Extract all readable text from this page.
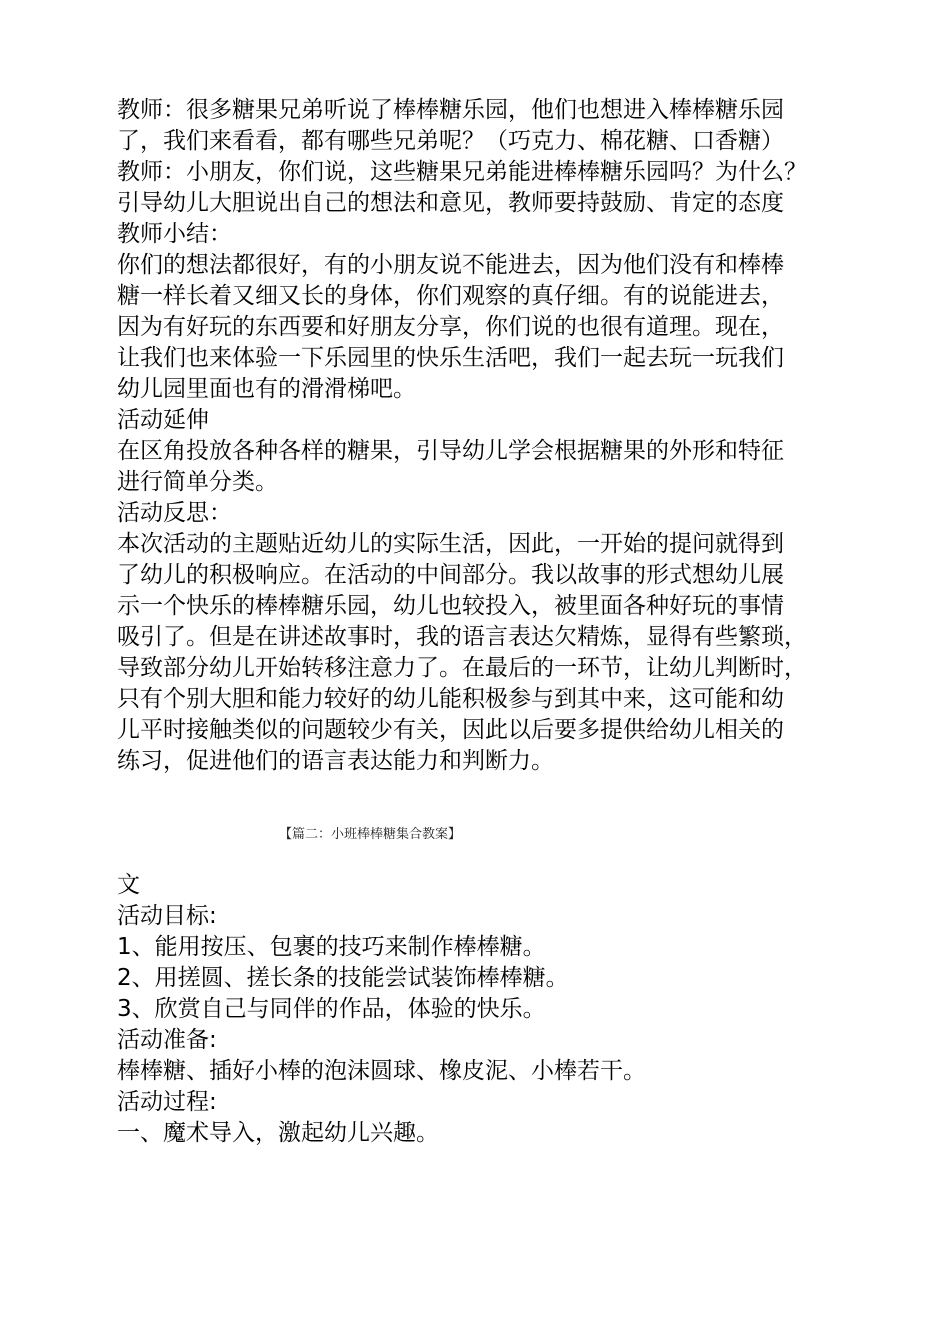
教师：很多糖果兄弟听说了棒棒糖乐园，他们也想进入棒棒糖乐园
了，我们来看看，都有哪些兄弟呢？（巧克力、棉花糖、口香糖）
教师：小朋友，你们说，这些糖果兄弟能进棒棒糖乐园吗？为什么？
引导幼儿大胆说出自己的想法和意见，教师要持鼓励、肯定的态度
教师小结：
你们的想法都很好，有的小朋友说不能进去，因为他们没有和棒棒
糖一样长着又细又长的身体，你们观察的真仔细。有的说能进去，
因为有好玩的东西要和好朋友分享，你们说的也很有道理。现在，
让我们也来体验一下乐园里的快乐生活吧，我们一起去玩一玩我们
幼儿园里面也有的滑滑梯吧。
活动延伸
在区角投放各种各样的糖果，引导幼儿学会根据糖果的外形和特征
进行简单分类。
活动反思：
本次活动的主题贴近幼儿的实际生活，因此，一开始的提问就得到
了幼儿的积极响应。在活动的中间部分。我以故事的形式想幼儿展
示一个快乐的棒棒糖乐园，幼儿也较投入，被里面各种好玩的事情
吸引了。但是在讲述故事时，我的语言表达欠精炼，显得有些繁琐，
导致部分幼儿开始转移注意力了。在最后的一环节，让幼儿判断时，
只有个别大胆和能力较好的幼儿能积极参与到其中来，这可能和幼
儿平时接触类似的问题较少有关，因此以后要多提供给幼儿相关的
练习，促进他们的语言表达能力和判断力。
【篇二：小班棒棒糖集合教案】
文
活动目标:
1、能用按压、包裹的技巧来制作棒棒糖。
2、用搓圆、搓长条的技能尝试装饰棒棒糖。
3、欣赏自己与同伴的作品，体验的快乐。
活动准备:
棒棒糖、插好小棒的泡沫圆球、橡皮泥、小棒若干。
活动过程:
一、魔术导入，激起幼儿兴趣。
